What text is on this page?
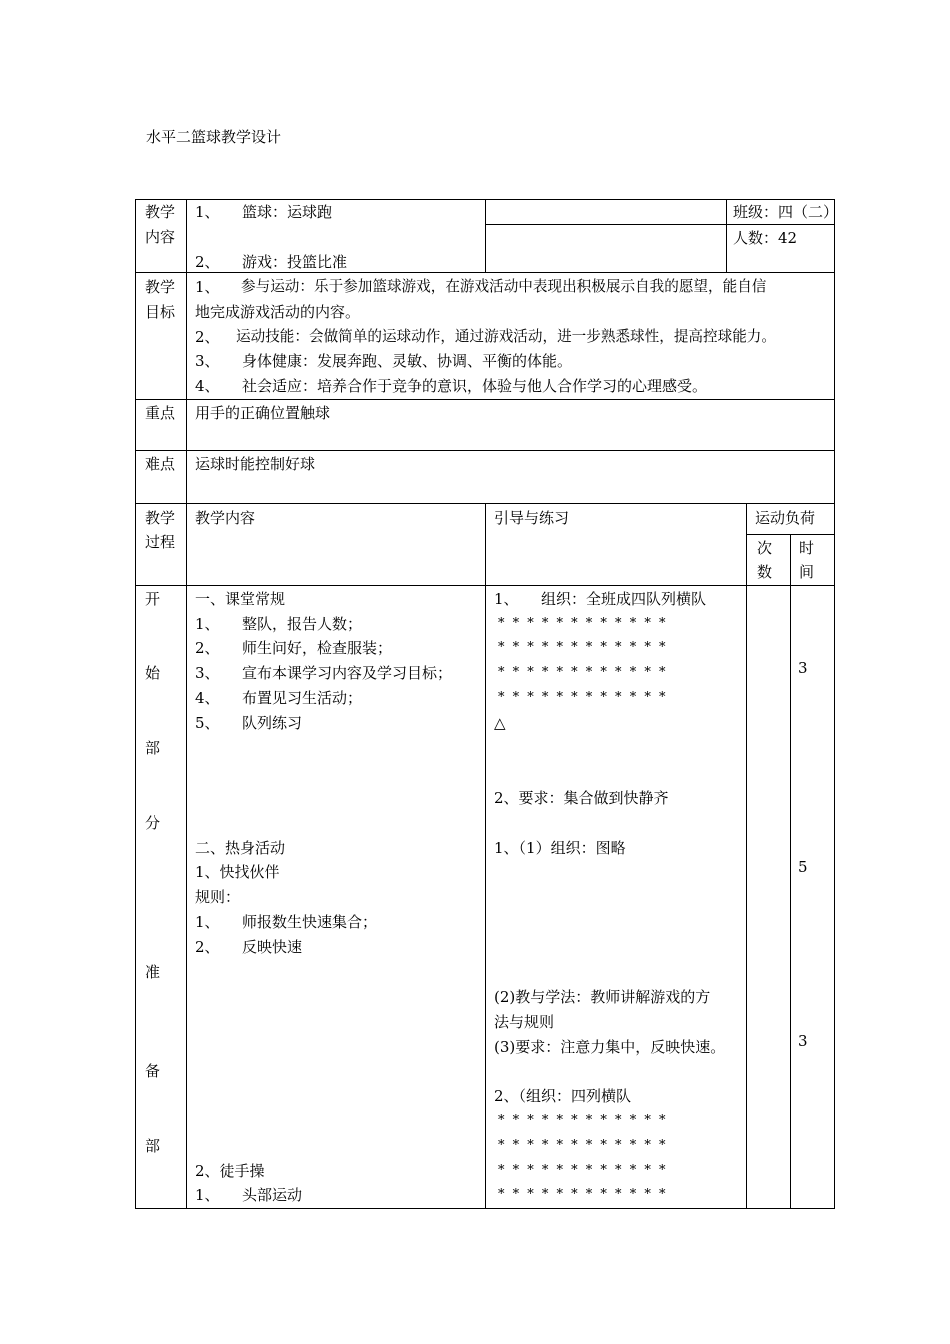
水平二篮球教学设计
教学
内容
1、 篮球：运球跑
2、 游戏：投篮比准
班级：四（二）
人数：42
教学
目标
1、 参与运动：乐于参加篮球游戏，在游戏活动中表现出积极展示自我的愿望，能自信
地完成游戏活动的内容。
2、 运动技能：会做简单的运球动作，通过游戏活动，进一步熟悉球性，提高控球能力。
3、 身体健康：发展奔跑、灵敏、协调、平衡的体能。
4、 社会适应：培养合作于竞争的意识，体验与他人合作学习的心理感受。
重点 用手的正确位置触球
难点 运球时能控制好球
教学
过程
教学内容	引导与练习	运动负荷
次
数
时
间
开
始
部
分
准
备
部
一、课堂常规
1、　　整队，报告人数；
2、　　师生问好，检查服装；
3、　　宣布本课学习内容及学习目标；
4、　　布置见习生活动；
5、　　队列练习
二、热身活动
1、快找伙伴
规则：
1、　　师报数生快速集合；
2、　　反映快速
2、徒手操
1、　　头部运动
1、　　组织：全班成四队列横队
* * * * * * * * * * * *
* * * * * * * * * * * *
* * * * * * * * * * * *
* * * * * * * * * * * *
△
2、要求：集合做到快静齐
1、（1）组织：图略
(2)教与学法：教师讲解游戏的方
法与规则
(3)要求：注意力集中，反映快速。
2、（组织：四列横队
* * * * * * * * * * * *
* * * * * * * * * * * *
* * * * * * * * * * * *
* * * * * * * * * * * *
3
5
3
